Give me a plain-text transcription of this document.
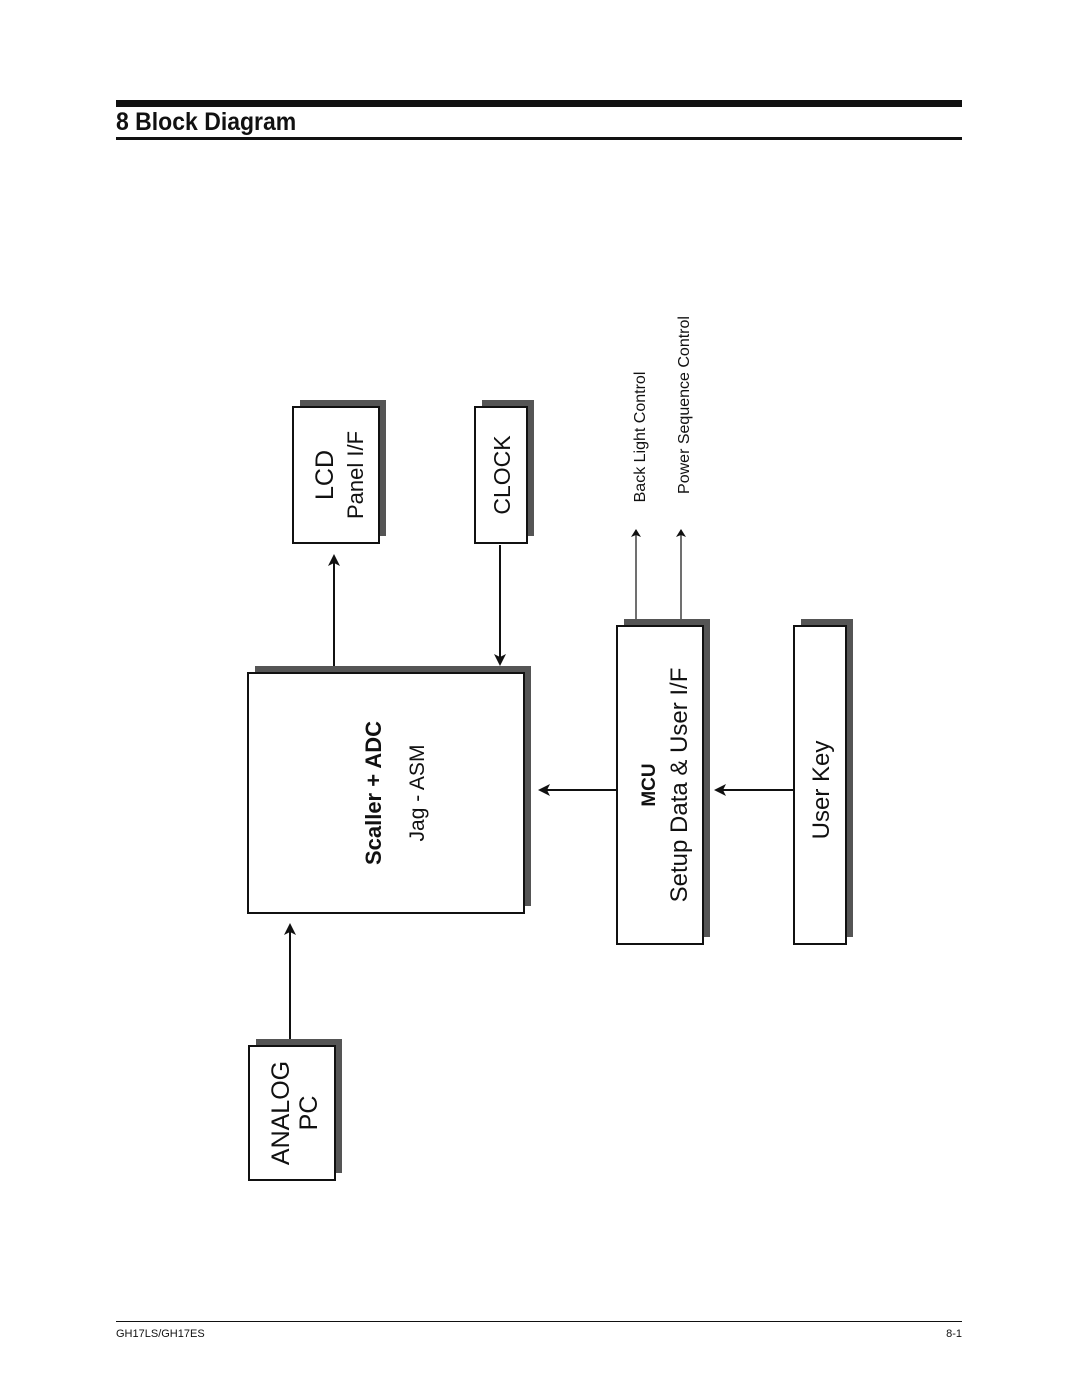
8 Block Diagram
ANALOG PC
Scaller + ADC Jag - ASM
LCD Panel I/F	CLOCK	Back Light Control Power Sequence Control
MCU Setup Data & User I/F	User Key
GH17LS/GH17ES	8-1
